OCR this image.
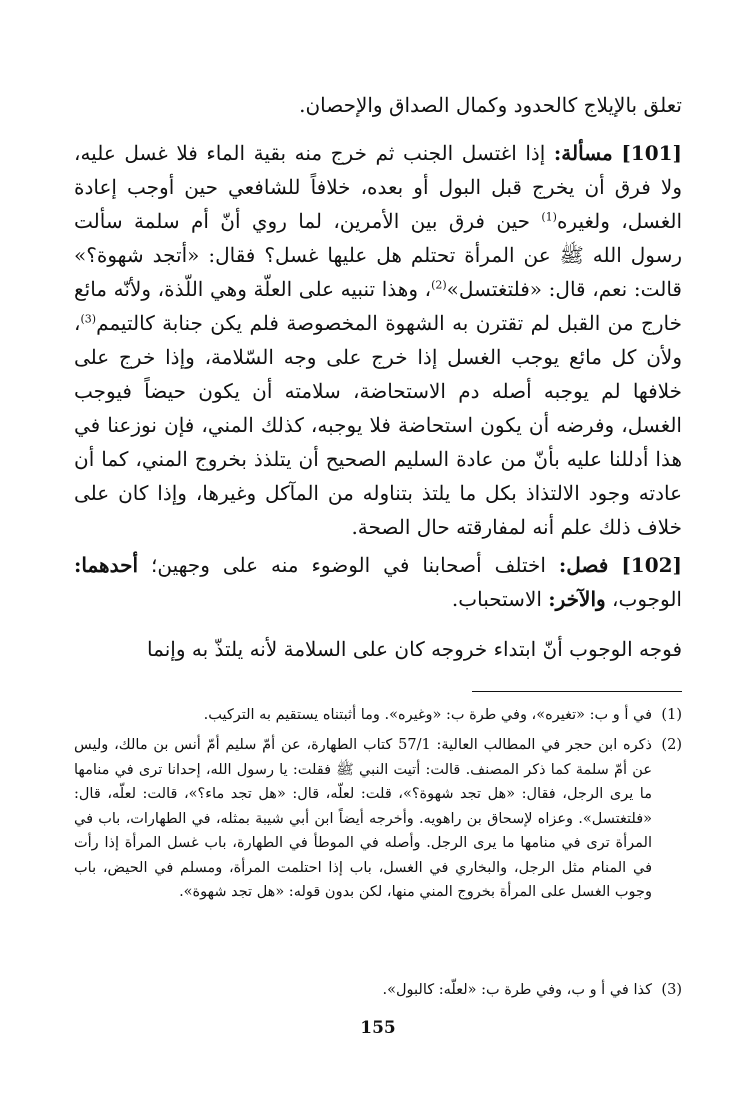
تعلق بالإيلاج كالحدود وكمال الصداق والإحصان.
[101] مسألة: إذا اغتسل الجنب ثم خرج منه بقية الماء فلا غسل عليه، ولا فرق أن يخرج قبل البول أو بعده، خلافاً للشافعي حين أوجب إعادة الغسل، ولغيره$^{(1)}$ حين فرق بين الأمرين، لما روي أنّ أم سلمة سألت رسول الله ﷺ عن المرأة تحتلم هل عليها غسل؟ فقال: «أتجد شهوة؟» قالت: نعم، قال: «فلتغتسل»$^{(2)}$، وهذا تنبيه على العلّة وهي اللّذة، ولأنّه مائع خارج من القبل لم تقترن به الشهوة المخصوصة فلم يكن جنابة كالتيمم$^{(3)}$، ولأن كل مائع يوجب الغسل إذا خرج على وجه السّلامة، وإذا خرج على خلافها لم يوجبه أصله دم الاستحاضة، سلامته أن يكون حيضاً فيوجب الغسل، وفرضه أن يكون استحاضة فلا يوجبه، كذلك المني، فإن نوزعنا في هذا أدللنا عليه بأنّ من عادة السليم الصحيح أن يتلذذ بخروج المني، كما أن عادته وجود الالتذاذ بكل ما يلتذ بتناوله من المآكل وغيرها، وإذا كان على خلاف ذلك علم أنه لمفارقته حال الصحة.
[102] فصل: اختلف أصحابنا في الوضوء منه على وجهين؛ أحدهما: الوجوب، والآخر: الاستحباب.
فوجه الوجوب أنّ ابتداء خروجه كان على السلامة لأنه يلتذّ به وإنما
(1)
في أ و ب: «تغيره»، وفي طرة ب: «وغيره». وما أثبتناه يستقيم به التركيب.
(2)
ذكره ابن حجر في المطالب العالية: 57/1 كتاب الطهارة، عن أمّ سليم أمّ أنس بن مالك، وليس عن أمّ سلمة كما ذكر المصنف. قالت: أتيت النبي ﷺ فقلت: يا رسول الله، إحدانا ترى في منامها ما يرى الرجل، فقال: «هل تجد شهوة؟»، قلت: لعلّه، قال: «هل تجد ماء؟»، قالت: لعلّه، قال: «فلتغتسل». وعزاه لإسحاق بن راهويه. وأخرجه أيضاً ابن أبي شيبة بمثله، في الطهارات، باب في المرأة ترى في منامها ما يرى الرجل. وأصله في الموطأ في الطهارة، باب غسل المرأة إذا رأت في المنام مثل الرجل، والبخاري في الغسل، باب إذا احتلمت المرأة، ومسلم في الحيض، باب وجوب الغسل على المرأة بخروج المني منها، لكن بدون قوله: «هل تجد شهوة».
(3)
كذا في أ و ب، وفي طرة ب: «لعلّه: كالبول».
155
